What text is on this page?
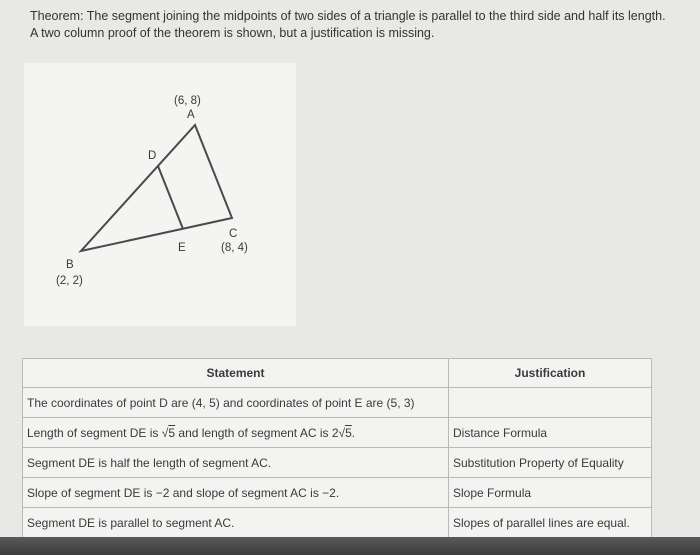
Theorem: The segment joining the midpoints of two sides of a triangle is parallel to the third side and half its length.
A two column proof of the theorem is shown, but a justification is missing.
(6, 8)
A
D
C
(8, 4)
E
B
(2, 2)
Statement	Justification
The coordinates of point D are (4, 5) and coordinates of point E are (5, 3)	
Length of segment DE is √5 and length of segment AC is 2√5.	Distance Formula
Segment DE is half the length of segment AC.	Substitution Property of Equality
Slope of segment DE is −2 and slope of segment AC is −2.	Slope Formula
Segment DE is parallel to segment AC.	Slopes of parallel lines are equal.
